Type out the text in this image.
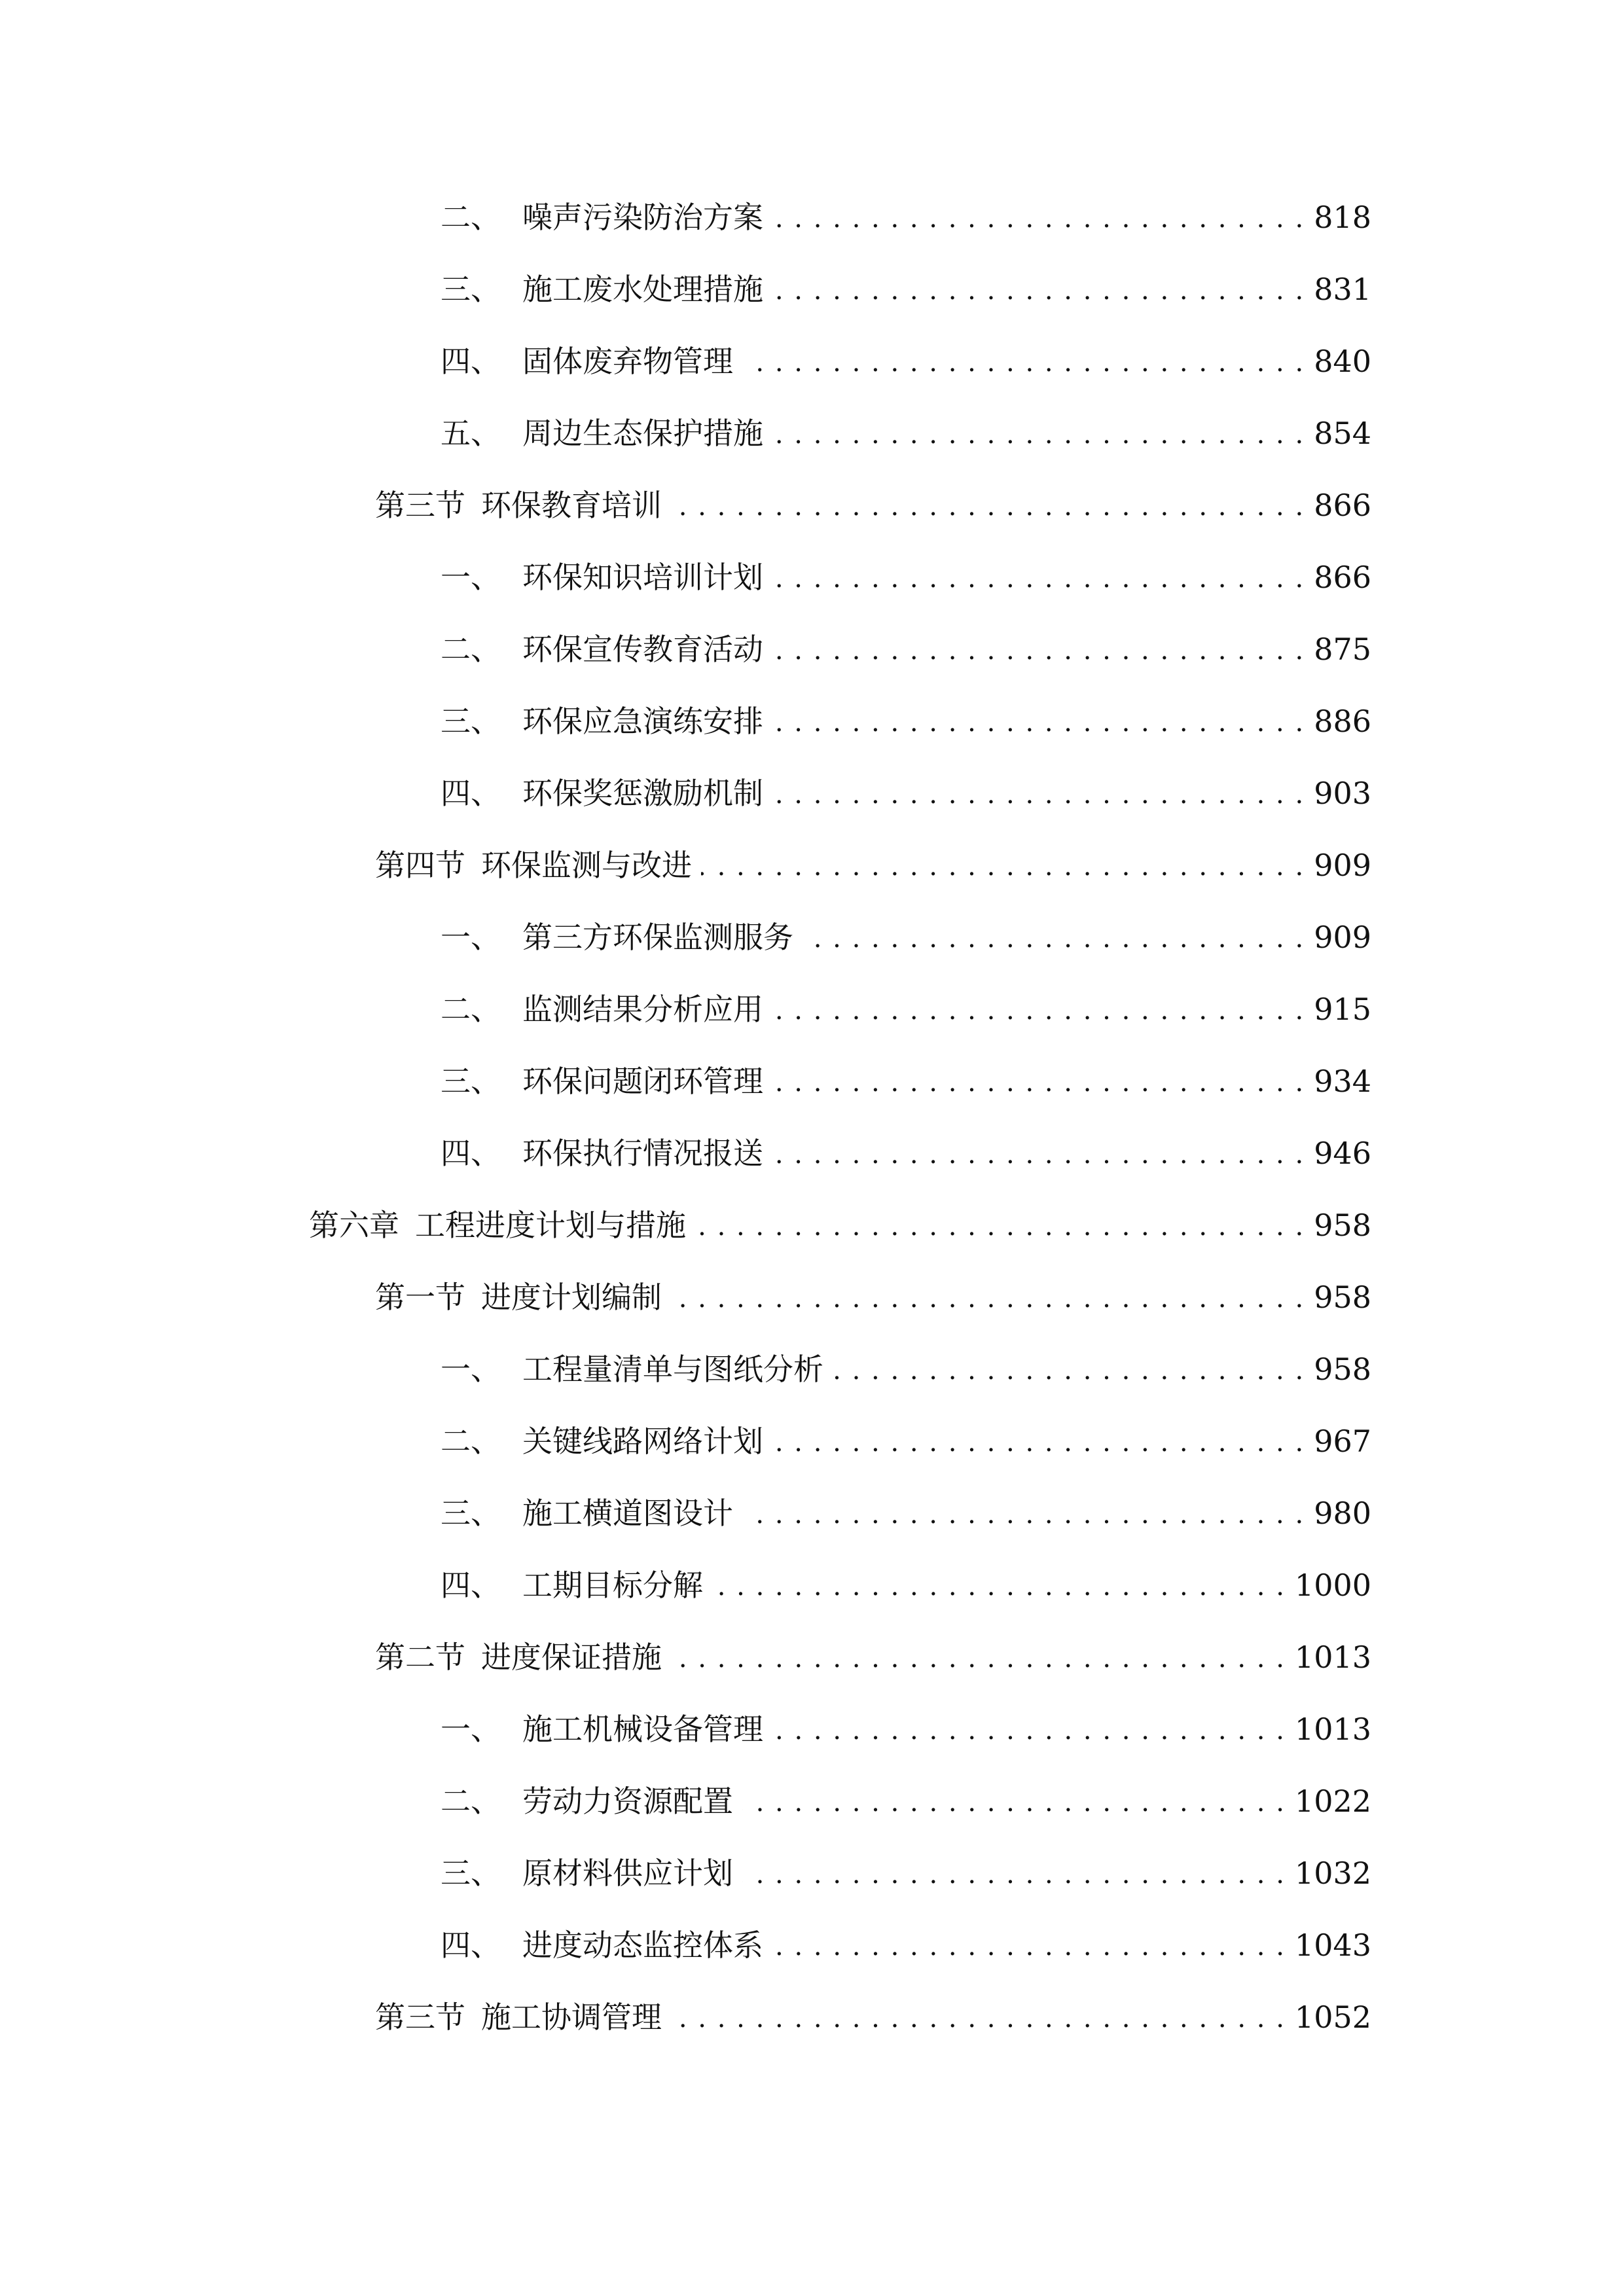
二、 噪声污染防治方案 . . .	818
三、 施工废水处理措施 . . .	831
四、 固体废弃物管理 . . .	840
五、 周边生态保护措施 . . .	854
第三节 环保教育培训 . . .	866
一、 环保知识培训计划 . . .	866
二、 环保宣传教育活动 . . .	875
三、 环保应急演练安排 . . .	886
四、 环保奖惩激励机制 . . .	903
第四节 环保监测与改进 . . .	909
一、 第三方环保监测服务 . . .	909
二、 监测结果分析应用 . . .	915
三、 环保问题闭环管理 . . .	934
四、 环保执行情况报送 . . .	946
第六章 工程进度计划与措施 . . .	958
第一节 进度计划编制 . . .	958
一、 工程量清单与图纸分析 . . .	958
二、 关键线路网络计划 . . .	967
三、 施工横道图设计 . . .	980
四、 工期目标分解 . . .	1000
第二节 进度保证措施 . . .	1013
一、 施工机械设备管理 . . .	1013
二、 劳动力资源配置 . . .	1022
三、 原材料供应计划 . . .	1032
四、 进度动态监控体系 . . .	1043
第三节 施工协调管理 . . .	1052
